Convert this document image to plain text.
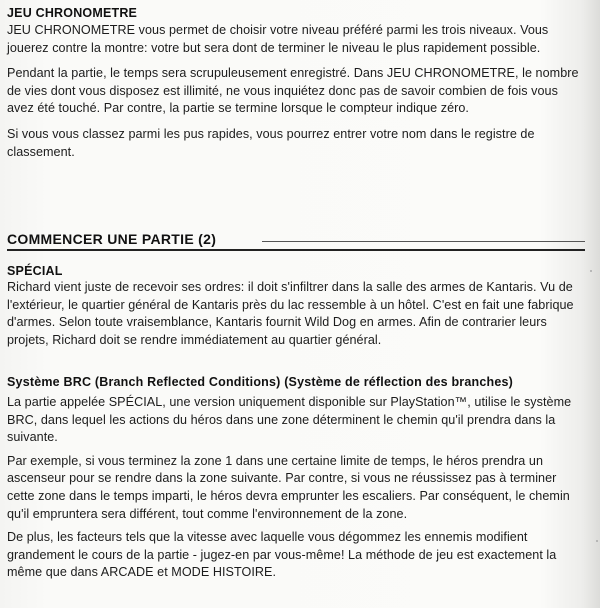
JEU CHRONOMETRE

JEU CHRONOMETRE vous permet de choisir votre niveau préféré parmi les trois niveaux. Vous jouerez contre la montre: votre but sera dont de terminer le niveau le plus rapidement possible.

Pendant la partie, le temps sera scrupuleusement enregistré. Dans JEU CHRONOMETRE, le nombre de vies dont vous disposez est illimité, ne vous inquiétez donc pas de savoir combien de fois vous avez été touché. Par contre, la partie se termine lorsque le compteur indique zéro.

Si vous vous classez parmi les pus rapides, vous pourrez entrer votre nom dans le registre de classement.

COMMENCER UNE PARTIE (2)
SPÉCIAL

Richard vient juste de recevoir ses ordres: il doit s'infiltrer dans la salle des armes de Kantaris. Vu de l'extérieur, le quartier général de Kantaris près du lac ressemble à un hôtel. C'est en fait une fabrique d'armes. Selon toute vraisemblance, Kantaris fournit Wild Dog en armes. Afin de contrarier leurs projets, Richard doit se rendre immédiatement au quartier général.

Système BRC (Branch Reflected Conditions) (Système de réflection des branches)

La partie appelée SPÉCIAL, une version uniquement disponible sur PlayStation™, utilise le système BRC, dans lequel les actions du héros dans une zone déterminent le chemin qu'il prendra dans la suivante.

Par exemple, si vous terminez la zone 1 dans une certaine limite de temps, le héros prendra un ascenseur pour se rendre dans la zone suivante. Par contre, si vous ne réussissez pas à terminer cette zone dans le temps imparti, le héros devra emprunter les escaliers. Par conséquent, le chemin qu'il empruntera sera différent, tout comme l'environnement de la zone.

De plus, les facteurs tels que la vitesse avec laquelle vous dégommez les ennemis modifient grandement le cours de la partie - jugez-en par vous-même! La méthode de jeu est exactement la même que dans ARCADE et MODE HISTOIRE.
